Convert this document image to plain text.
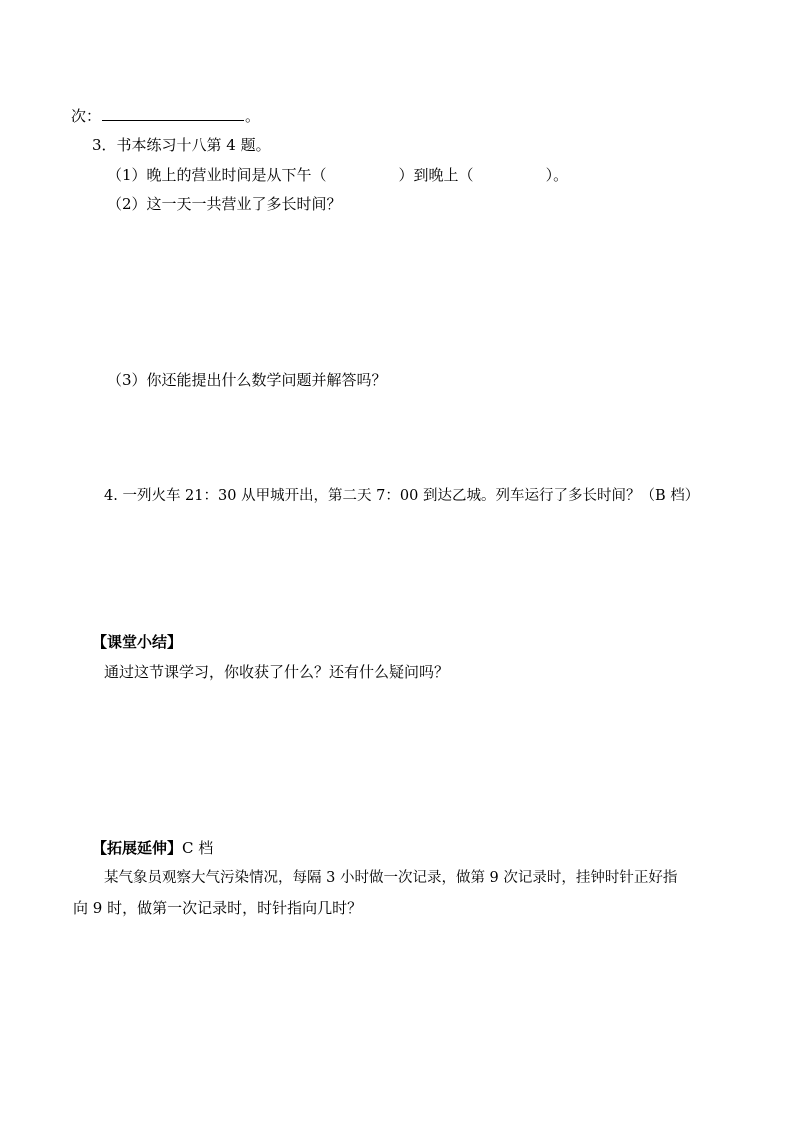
次：	。
3．书本练习十八第 4 题。
（1）晚上的营业时间是从下午（	）到晚上（	）。
（2）这一天一共营业了多长时间？
（3）你还能提出什么数学问题并解答吗？
4. 一列火车 21：30 从甲城开出，第二天 7：00 到达乙城。列车运行了多长时间？（B 档）
【课堂小结】
通过这节课学习，你收获了什么？还有什么疑问吗？
【拓展延伸】C 档
某气象员观察大气污染情况，每隔 3 小时做一次记录，做第 9 次记录时，挂钟时针正好指
向 9 时，做第一次记录时，时针指向几时？
